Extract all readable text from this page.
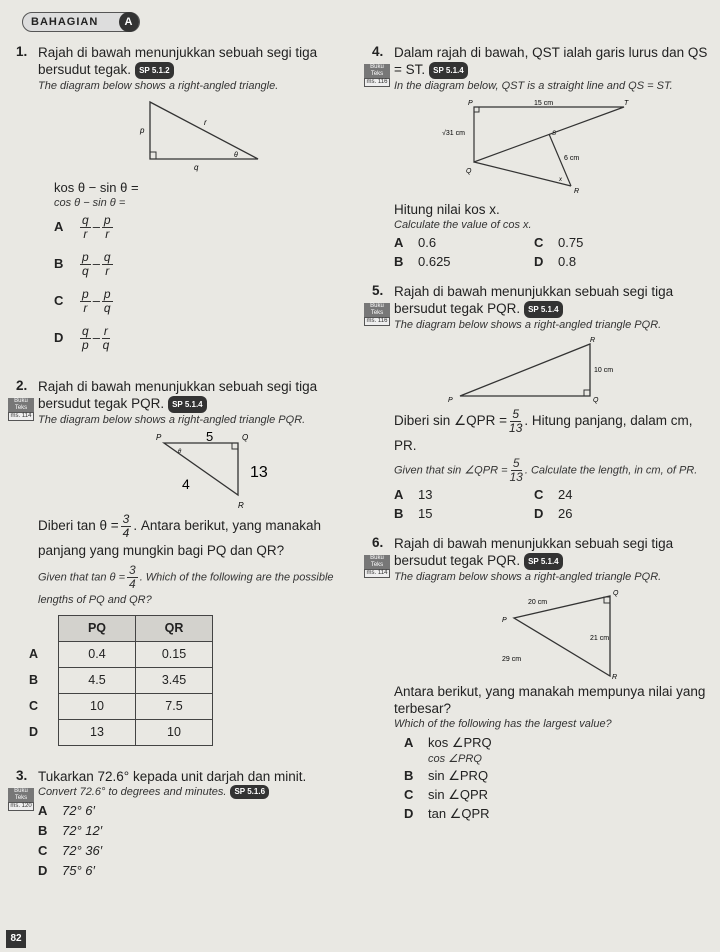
BAHAGIAN	A
1. Rajah di bawah menunjukkan sebuah segi tiga bersudut tegak. SP 5.1.2
The diagram below shows a right-angled triangle.
p
r
q
θ
kos θ − sin θ =
cos θ − sin θ =
A $\frac{q}{r} - \frac{p}{r}$
B $\frac{p}{q} - \frac{q}{r}$
C $\frac{p}{r} - \frac{p}{q}$
D $\frac{q}{p} - \frac{r}{q}$
2.
Buku Teks
ms. 114
Rajah di bawah menunjukkan sebuah segi tiga bersudut tegak PQR. SP 5.1.4
The diagram below shows a right-angled triangle PQR.
P	Q
R
θ
5
13
4
Diberi $\tan \theta = \frac{3}{4}$ . Antara berikut, yang manakah panjang yang mungkin bagi PQ dan QR?
Given that $\tan \theta = \frac{3}{4}$ . Which of the following are the possible lengths of PQ and QR?
	PQ	QR
A	0.4	0.15
B	4.5	3.45
C	10	7.5
D	13	10
3.
Buku Teks
ms. 120
Tukarkan 72.6° kepada unit darjah dan minit.
Convert 72.6° to degrees and minutes. SP 5.1.6
A 72° 6′
B 72° 12′
C 72° 36′
D 75° 6′
4.
Buku Teks
ms. 116
Dalam rajah di bawah, QST ialah garis lurus dan QS = ST. SP 5.1.4
In the diagram below, QST is a straight line and QS = ST.
P	T
Q
S
R
x
15 cm
√31 cm
6 cm
Hitung nilai kos x.
Calculate the value of cos x.
A 0.6	C 0.75
B 0.625	D 0.8
5.
Buku Teks
ms. 116
Rajah di bawah menunjukkan sebuah segi tiga bersudut tegak PQR. SP 5.1.4
The diagram below shows a right-angled triangle PQR.
P	Q
R
10 cm
Diberi sin ∠QPR = $\frac{5}{13}$ . Hitung panjang, dalam cm, PR.
Given that sin ∠QPR = $\frac{5}{13}$ . Calculate the length, in cm, of PR.
A 13	C 24
B 15	D 26
6.
Buku Teks
ms. 114
Rajah di bawah menunjukkan sebuah segi tiga bersudut tegak PQR. SP 5.1.4
The diagram below shows a right-angled triangle PQR.
P
Q
R
20 cm
21 cm
29 cm
Antara berikut, yang manakah mempunya nilai yang terbesar?
Which of the following has the largest value?
A kos ∠PRQ
cos ∠PRQ
B sin ∠PRQ
C sin ∠QPR
D tan ∠QPR
82
